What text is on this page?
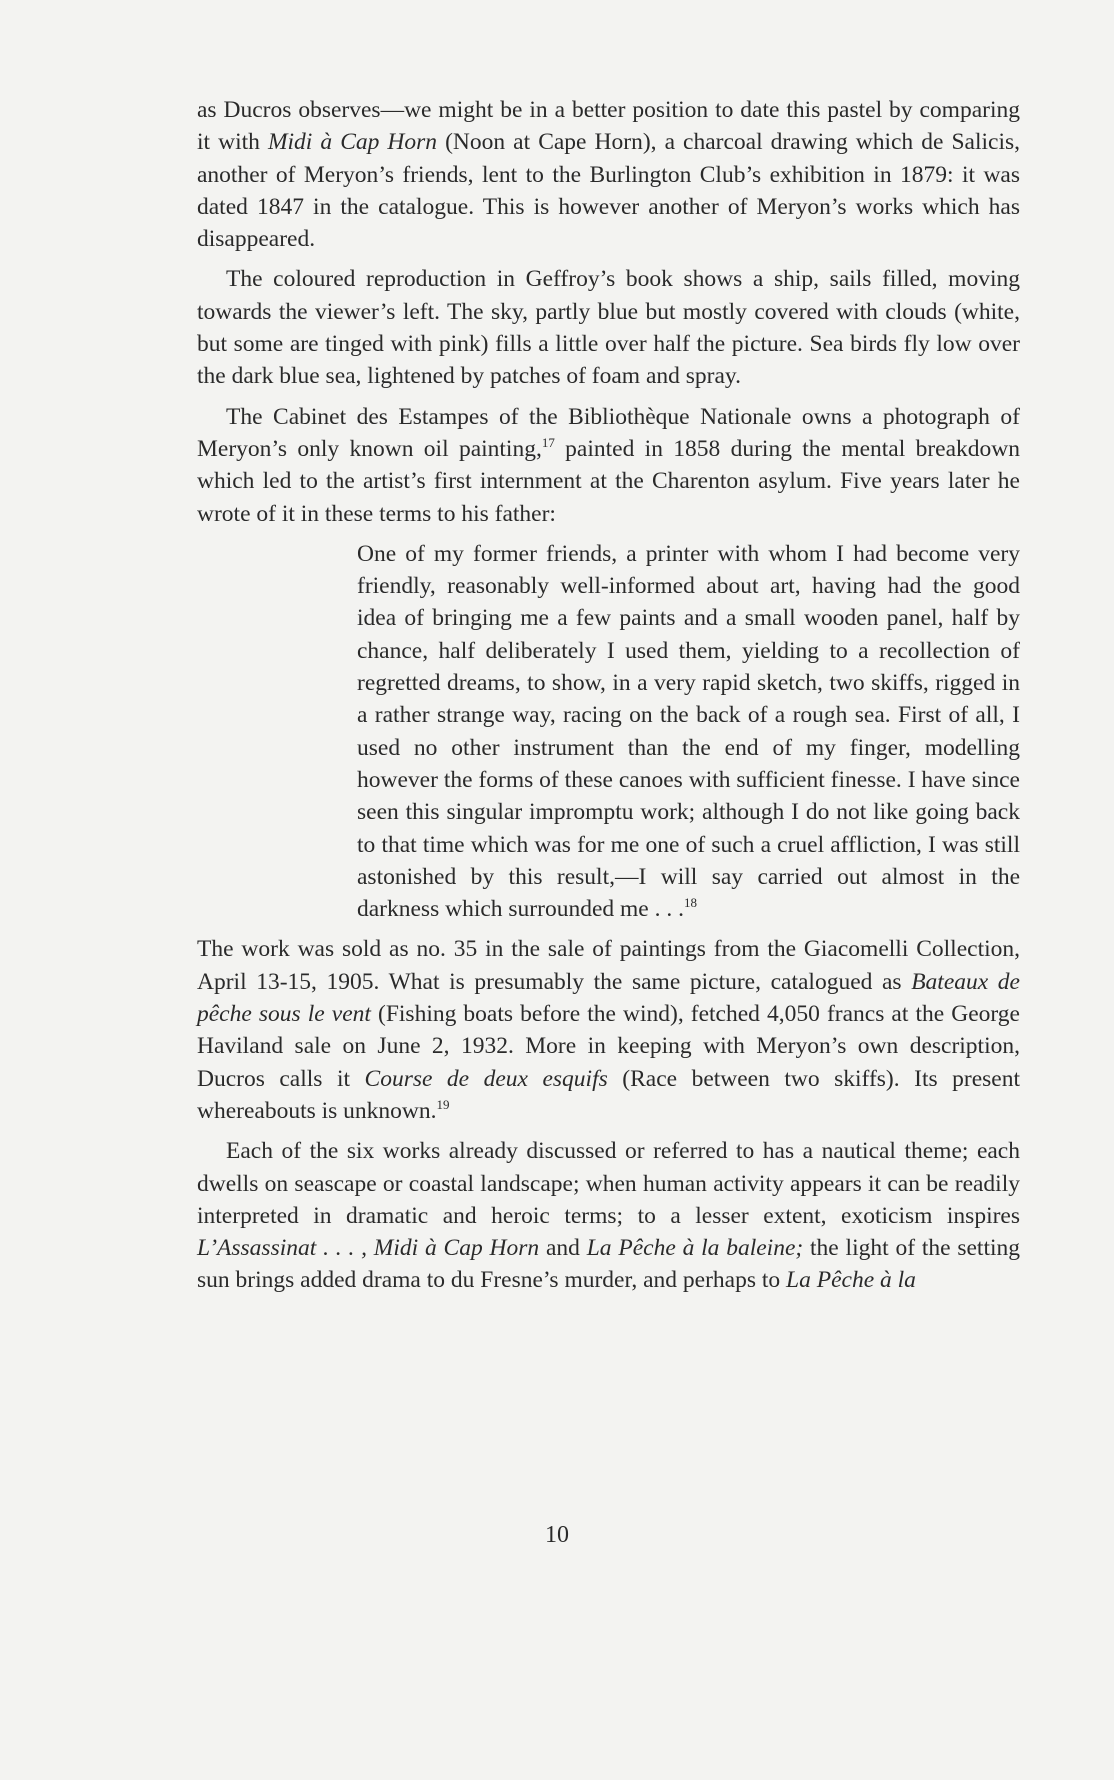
as Ducros observes—we might be in a better position to date this pastel by comparing it with Midi à Cap Horn (Noon at Cape Horn), a charcoal drawing which de Salicis, another of Meryon’s friends, lent to the Burlington Club’s exhibition in 1879: it was dated 1847 in the catalogue. This is however another of Meryon’s works which has disappeared.

The coloured reproduction in Geffroy’s book shows a ship, sails filled, moving towards the viewer’s left. The sky, partly blue but mostly covered with clouds (white, but some are tinged with pink) fills a little over half the picture. Sea birds fly low over the dark blue sea, lightened by patches of foam and spray.

The Cabinet des Estampes of the Bibliothèque Nationale owns a photograph of Meryon’s only known oil painting,$^{17}$ painted in 1858 during the mental breakdown which led to the artist’s first internment at the Charenton asylum. Five years later he wrote of it in these terms to his father:

One of my former friends, a printer with whom I had become very friendly, reasonably well-informed about art, having had the good idea of bringing me a few paints and a small wooden panel, half by chance, half deliberately I used them, yielding to a recollection of regretted dreams, to show, in a very rapid sketch, two skiffs, rigged in a rather strange way, racing on the back of a rough sea. First of all, I used no other instrument than the end of my finger, modelling however the forms of these canoes with sufficient finesse. I have since seen this singular impromptu work; although I do not like going back to that time which was for me one of such a cruel affliction, I was still astonished by this result,—I will say carried out almost in the darkness which surrounded me . . .$^{18}$

The work was sold as no. 35 in the sale of paintings from the Giacomelli Collection, April 13-15, 1905. What is presumably the same picture, catalogued as Bateaux de pêche sous le vent (Fishing boats before the wind), fetched 4,050 francs at the George Haviland sale on June 2, 1932. More in keeping with Meryon’s own description, Ducros calls it Course de deux esquifs (Race between two skiffs). Its present whereabouts is unknown.$^{19}$

Each of the six works already discussed or referred to has a nautical theme; each dwells on seascape or coastal landscape; when human activity appears it can be readily interpreted in dramatic and heroic terms; to a lesser extent, exoticism inspires L’Assassinat . . . , Midi à Cap Horn and La Pêche à la baleine; the light of the setting sun brings added drama to du Fresne’s murder, and perhaps to La Pêche à la

10
